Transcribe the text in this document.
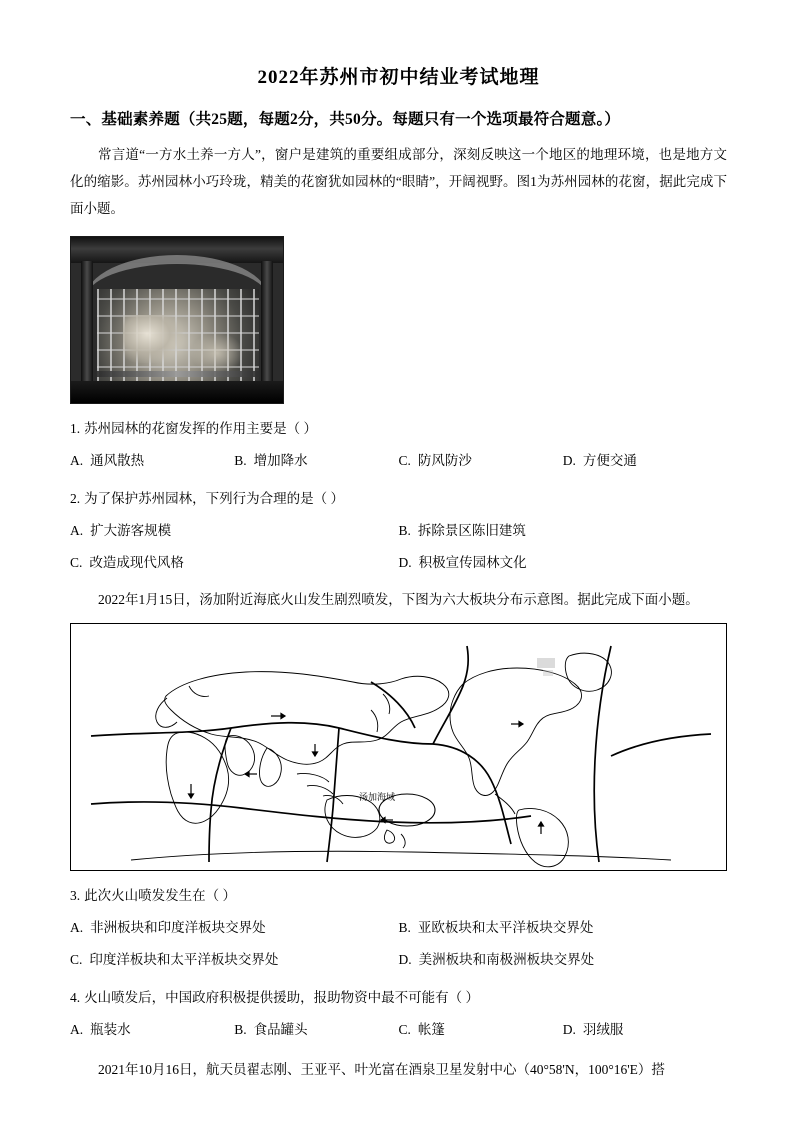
2022年苏州市初中结业考试地理
一、基础素养题（共25题，每题2分，共50分。每题只有一个选项最符合题意。）
常言道“一方水土养一方人”，窗户是建筑的重要组成部分，深刻反映这一个地区的地理环境，也是地方文化的缩影。苏州园林小巧玲珑，精美的花窗犹如园林的“眼睛”，开阔视野。图1为苏州园林的花窗，据此完成下面小题。
1. 苏州园林的花窗发挥的作用主要是（ ）
A. 通风散热	B. 增加降水	C. 防风防沙	D. 方便交通
2. 为了保护苏州园林，下列行为合理的是（ ）
A. 扩大游客规模	B. 拆除景区陈旧建筑
C. 改造成现代风格	D. 积极宣传园林文化
2022年1月15日，汤加附近海底火山发生剧烈喷发，下图为六大板块分布示意图。据此完成下面小题。
汤加海域
3. 此次火山喷发发生在（ ）
A. 非洲板块和印度洋板块交界处	B. 亚欧板块和太平洋板块交界处
C. 印度洋板块和太平洋板块交界处	D. 美洲板块和南极洲板块交界处
4. 火山喷发后，中国政府积极提供援助，报助物资中最不可能有（ ）
A. 瓶装水	B. 食品罐头	C. 帐篷	D. 羽绒服
2021年10月16日，航天员翟志刚、王亚平、叶光富在酒泉卫星发射中心（40°58'N，100°16'E）搭
